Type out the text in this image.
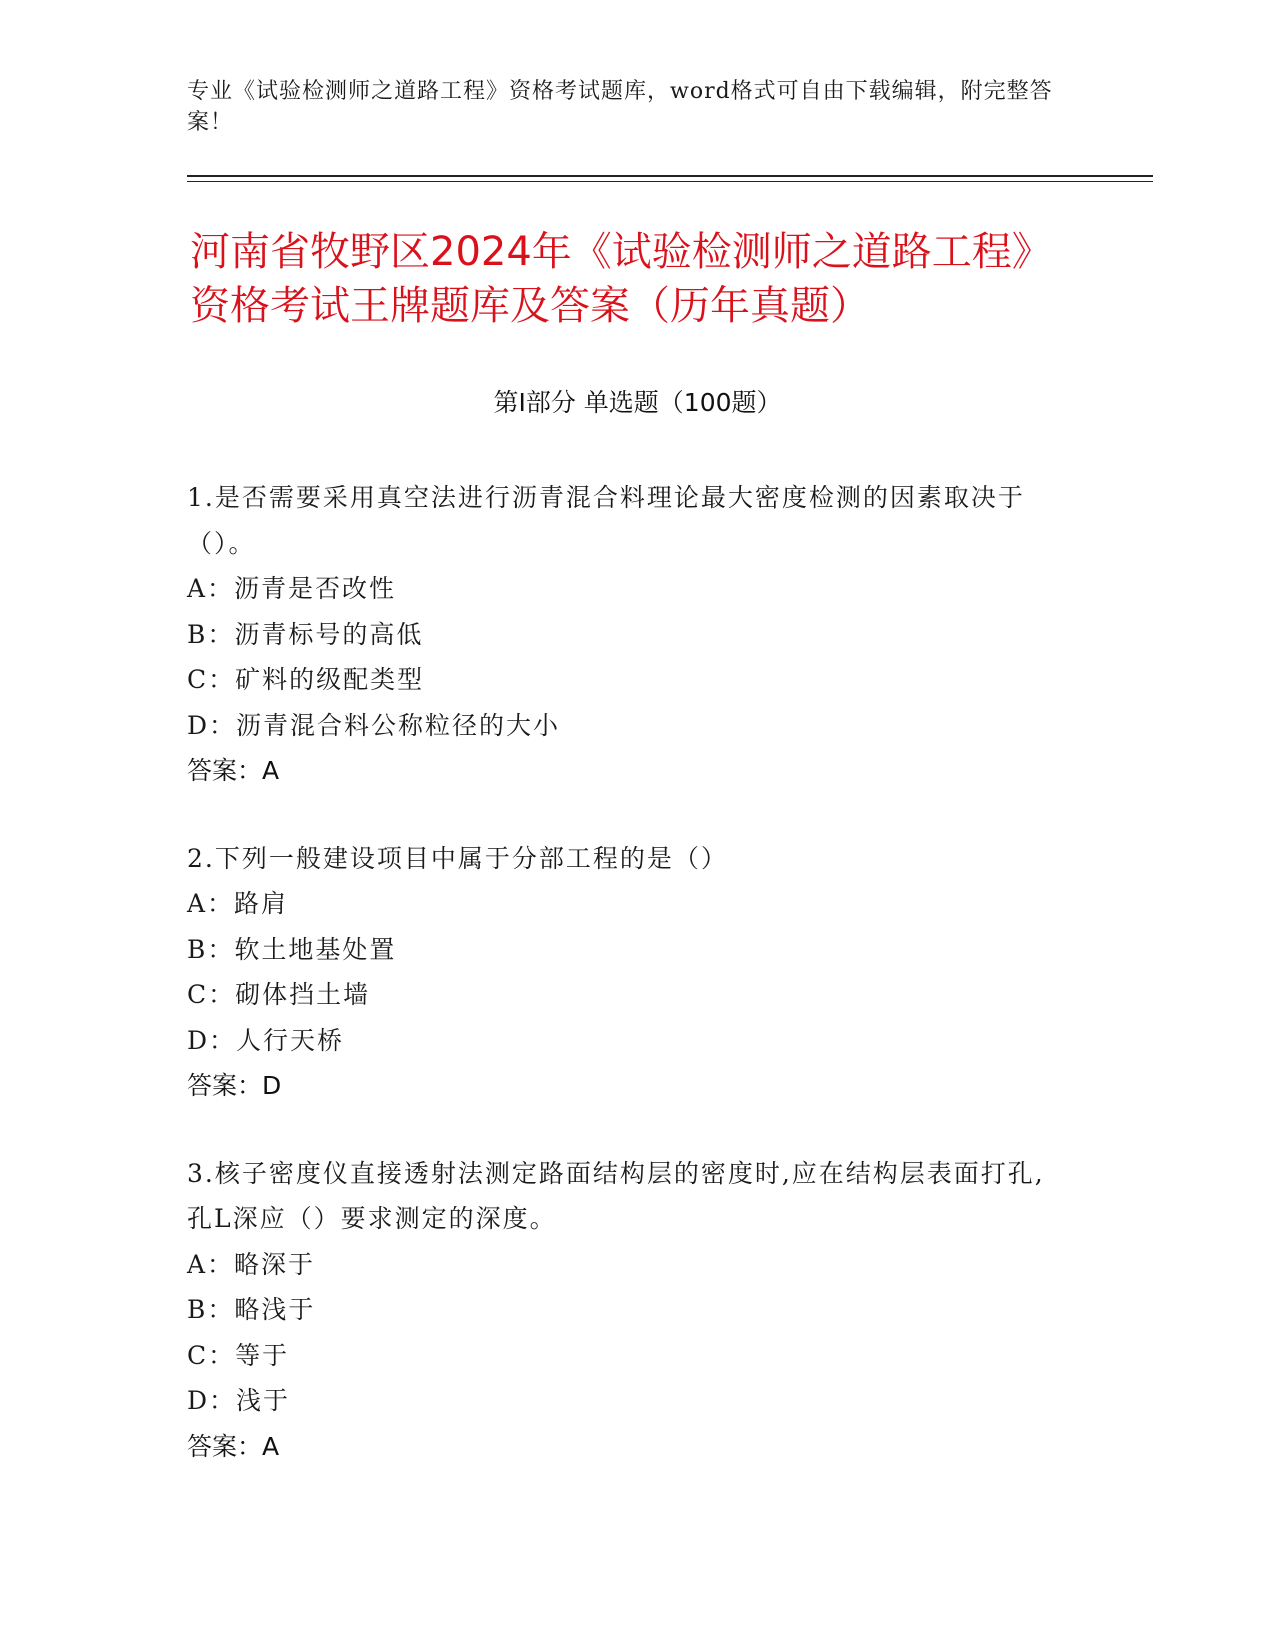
专业《试验检测师之道路工程》资格考试题库，word格式可自由下载编辑，附完整答案！
河南省牧野区2024年《试验检测师之道路工程》资格考试王牌题库及答案（历年真题）
第I部分 单选题（100题）
1.是否需要采用真空法进行沥青混合料理论最大密度检测的因素取决于（）。
A：沥青是否改性
B：沥青标号的高低
C：矿料的级配类型
D：沥青混合料公称粒径的大小
答案：A
2.下列一般建设项目中属于分部工程的是（）
A：路肩
B：软土地基处置
C：砌体挡土墙
D：人行天桥
答案：D
3.核子密度仪直接透射法测定路面结构层的密度时,应在结构层表面打孔,孔L深应（）要求测定的深度。
A：略深于
B：略浅于
C：等于
D：浅于
答案：A
